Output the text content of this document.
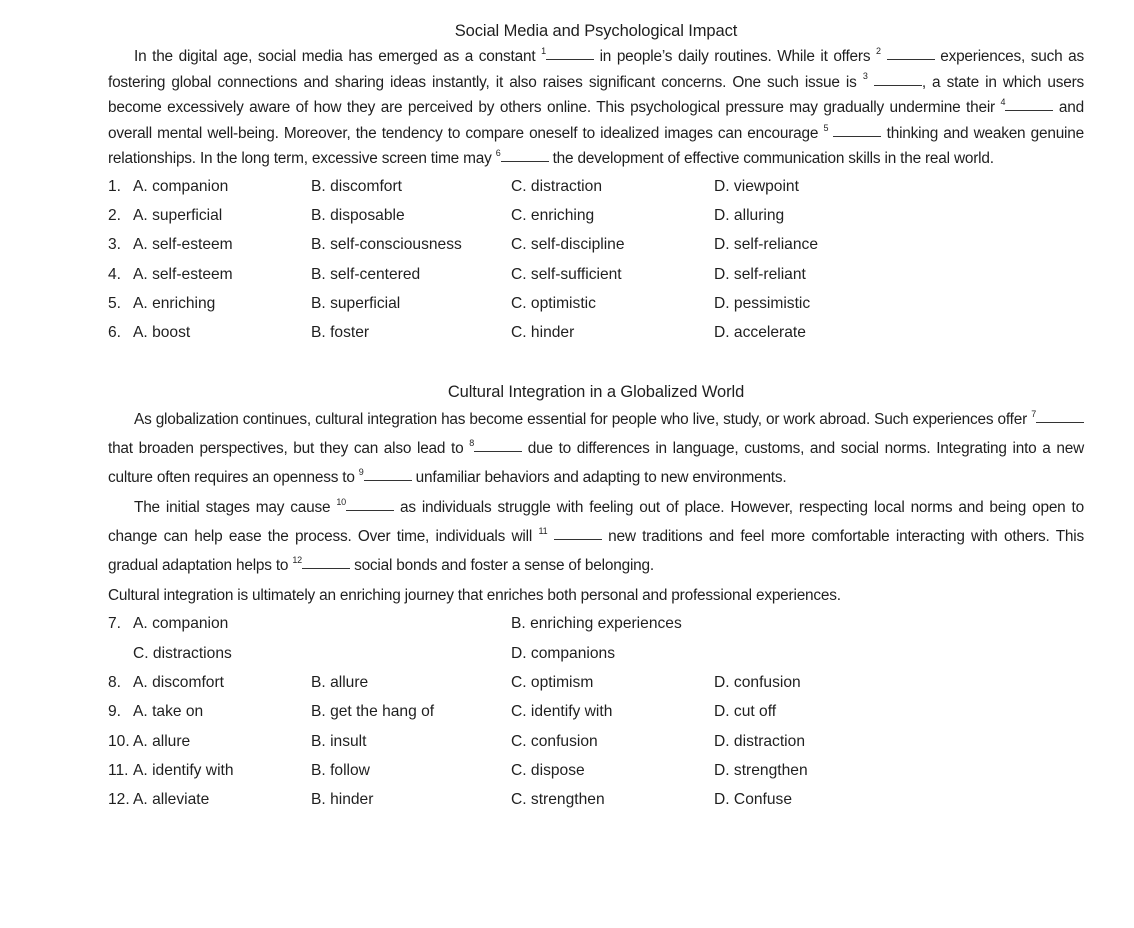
Social Media and Psychological Impact

In the digital age, social media has emerged as a constant $^1$	in people’s daily routines. While it offers $^2$	experiences, such as fostering global connections and sharing ideas instantly, it also raises significant concerns. One such issue is $^3$	, a state in which users become excessively aware of how they are perceived by others online. This psychological pressure may gradually undermine their $^4$	and overall mental well-being. Moreover, the tendency to compare oneself to idealized images can encourage $^5$	thinking and weaken genuine relationships. In the long term, excessive screen time may $^6$	the development of effective communication skills in the real world.

1. A. companion	B. discomfort	C. distraction	D. viewpoint
2. A. superficial	B. disposable	C. enriching	D. alluring
3. A. self-esteem	B. self-consciousness	C. self-discipline	D. self-reliance
4. A. self-esteem	B. self-centered	C. self-sufficient	D. self-reliant
5. A. enriching	B. superficial	C. optimistic	D. pessimistic
6. A. boost	B. foster	C. hinder	D. accelerate
Cultural Integration in a Globalized World

As globalization continues, cultural integration has become essential for people who live, study, or work abroad. Such experiences offer $^7$ that broaden perspectives, but they can also lead to $^8$	due to differences in language, customs, and social norms. Integrating into a new culture often requires an openness to $^9$	unfamiliar behaviors and adapting to new environments.

The initial stages may cause $^{10}$	as individuals struggle with feeling out of place. However, respecting local norms and being open to change can help ease the process. Over time, individuals will $^{11}$	new traditions and feel more comfortable interacting with others. This gradual adaptation helps to $^{12}$	social bonds and foster a sense of belonging.

Cultural integration is ultimately an enriching journey that enriches both personal and professional experiences.

7. A. companion	B. enriching experiences
C. distractions	D. companions
8. A. discomfort	B. allure	C. optimism	D. confusion
9. A. take on	B. get the hang of	C. identify with	D. cut off
10. A. allure	B. insult	C. confusion	D. distraction
11. A. identify with	B. follow	C. dispose	D. strengthen
12. A. alleviate	B. hinder	C. strengthen	D. Confuse
